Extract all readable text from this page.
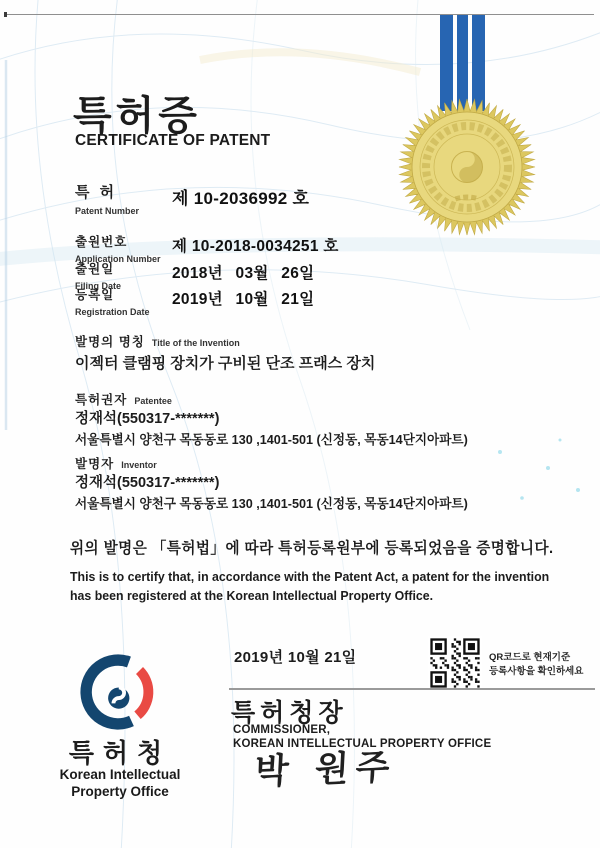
특허증
CERTIFICATE OF PATENT
특 허
Patent Number
제 10-2036992 호
출원번호
Application Number
제 10-2018-0034251 호
출원일
Filing Date
2018년 03월 26일
등록일
Registration Date
2019년 10월 21일
발명의 명칭 Title of the Invention
이젝터 클램핑 장치가 구비된 단조 프래스 장치
특허권자 Patentee
정재석(550317-*******)
서울특별시 양천구 목동동로 130 ,1401-501 (신정동, 목동14단지아파트)
발명자 Inventor
정재석(550317-*******)
서울특별시 양천구 목동동로 130 ,1401-501 (신정동, 목동14단지아파트)
위의 발명은 「특허법」에 따라 특허등록원부에 등록되었음을 증명합니다.
This is to certify that, in accordance with the Patent Act, a patent for the invention
has been registered at the Korean Intellectual Property Office.
2019년 10월 21일	QR코드로 현재기준
등록사항을 확인하세요
특허청장
COMMISSIONER,
KOREAN INTELLECTUAL PROPERTY OFFICE
박 원주
특허청
Korean Intellectual
Property Office
